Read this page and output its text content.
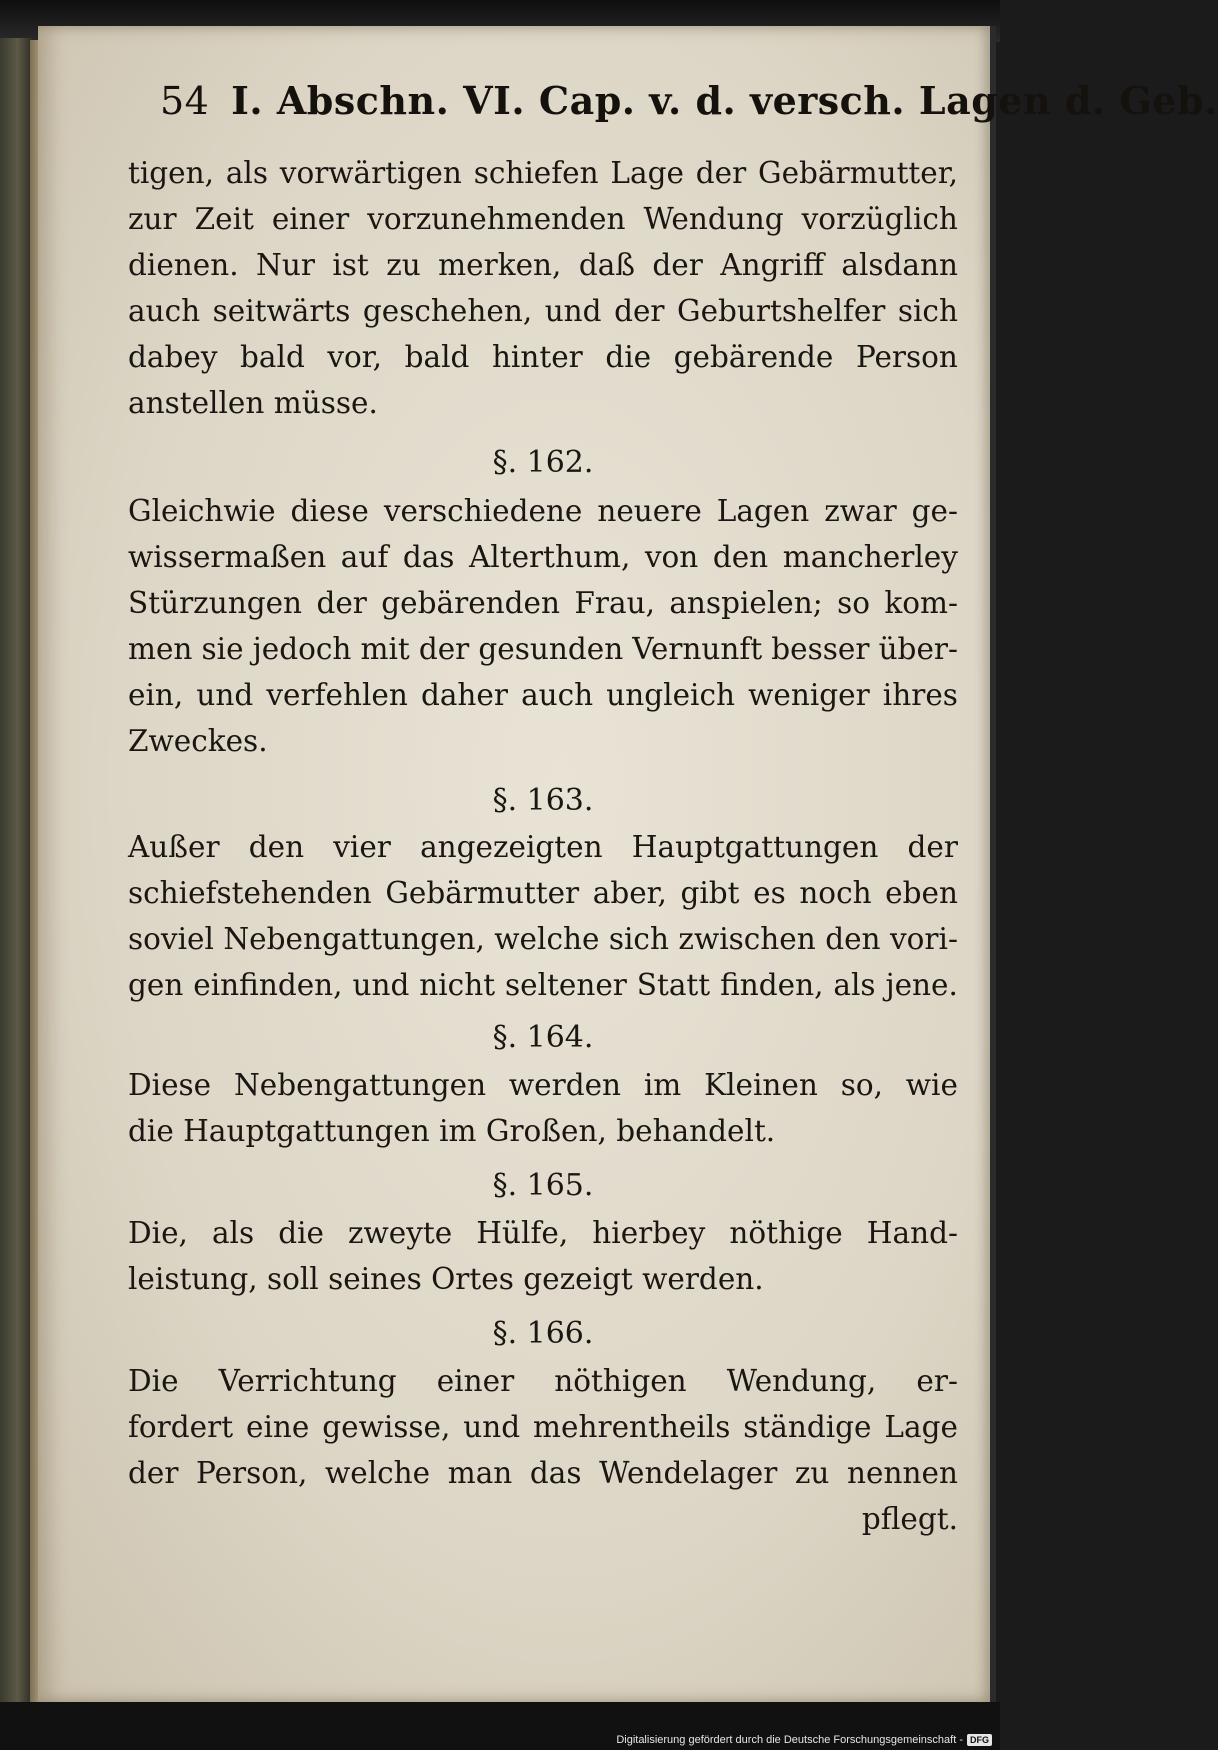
54 I. Abschn. VI. Cap. v. d. versch. Lagen d. Geb.
tigen, als vorwärtigen schiefen Lage der Gebärmutter,
zur Zeit einer vorzunehmenden Wendung vorzüglich
dienen. Nur ist zu merken, daß der Angriff alsdann
auch seitwärts geschehen, und der Geburtshelfer sich
dabey bald vor, bald hinter die gebärende Person
anstellen müsse.
§. 162.
Gleichwie diese verschiedene neuere Lagen zwar ge-
wissermaßen auf das Alterthum, von den mancherley
Stürzungen der gebärenden Frau, anspielen; so kom-
men sie jedoch mit der gesunden Vernunft besser über-
ein, und verfehlen daher auch ungleich weniger ihres
Zweckes.
§. 163.
Außer den vier angezeigten Hauptgattungen der
schiefstehenden Gebärmutter aber, gibt es noch eben
soviel Nebengattungen, welche sich zwischen den vori-
gen einfinden, und nicht seltener Statt finden, als jene.
§. 164.
Diese Nebengattungen werden im Kleinen so, wie
die Hauptgattungen im Großen, behandelt.
§. 165.
Die, als die zweyte Hülfe, hierbey nöthige Hand-
leistung, soll seines Ortes gezeigt werden.
§. 166.
Die Verrichtung einer nöthigen Wendung, er-
fordert eine gewisse, und mehrentheils ständige Lage
der Person, welche man das Wendelager zu nennen
pflegt.
Digitalisierung gefördert durch die Deutsche Forschungsgemeinschaft - DFG
